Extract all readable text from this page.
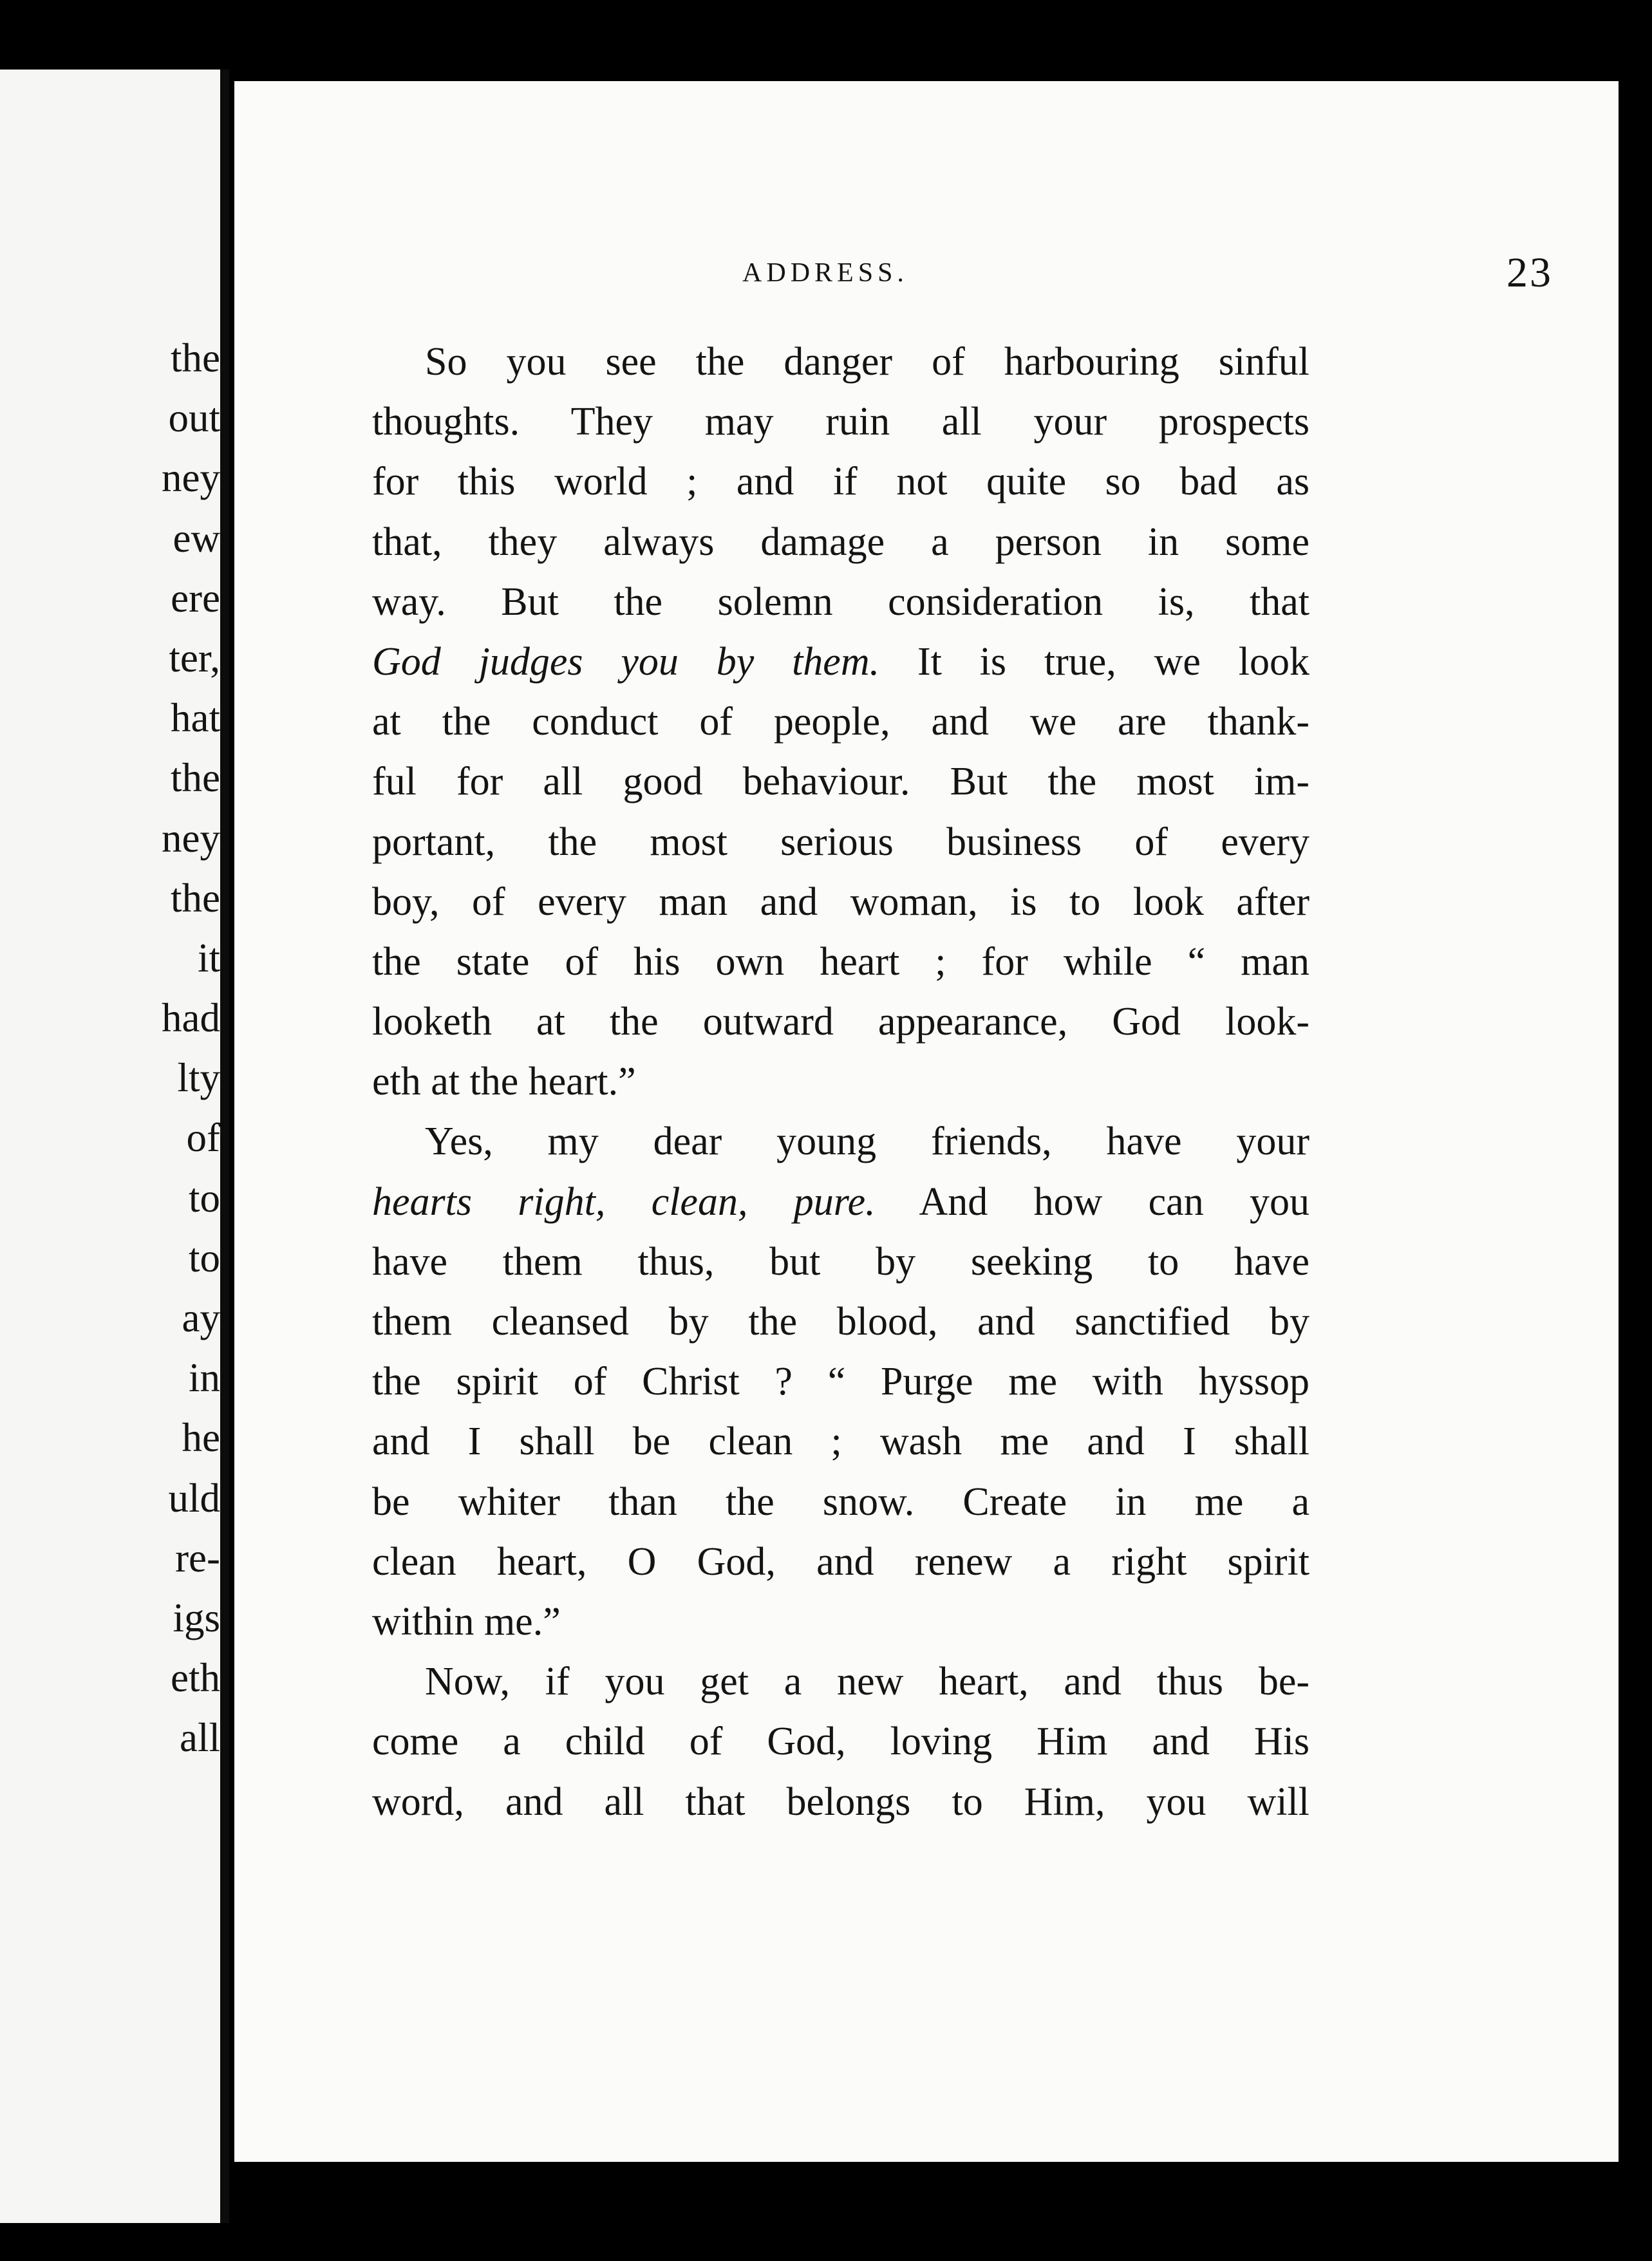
the
out
ney
ew
ere
ter,
hat
the
ney
the
it
had
lty
of
to
to
ay
in
he
uld
re-
igs
eth
all
ADDRESS.	23
So you see the danger of harbouring sinful
thoughts. They may ruin all your prospects
for this world ; and if not quite so bad as
that, they always damage a person in some
way. But the solemn consideration is, that
God judges you by them. It is true, we look
at the conduct of people, and we are thank-
ful for all good behaviour. But the most im-
portant, the most serious business of every
boy, of every man and woman, is to look after
the state of his own heart ; for while “ man
looketh at the outward appearance, God look-
eth at the heart.”
Yes, my dear young friends, have your
hearts right, clean, pure. And how can you
have them thus, but by seeking to have
them cleansed by the blood, and sanctified by
the spirit of Christ ? “ Purge me with hyssop
and I shall be clean ; wash me and I shall
be whiter than the snow. Create in me a
clean heart, O God, and renew a right spirit
within me.”
Now, if you get a new heart, and thus be-
come a child of God, loving Him and His
word, and all that belongs to Him, you will
